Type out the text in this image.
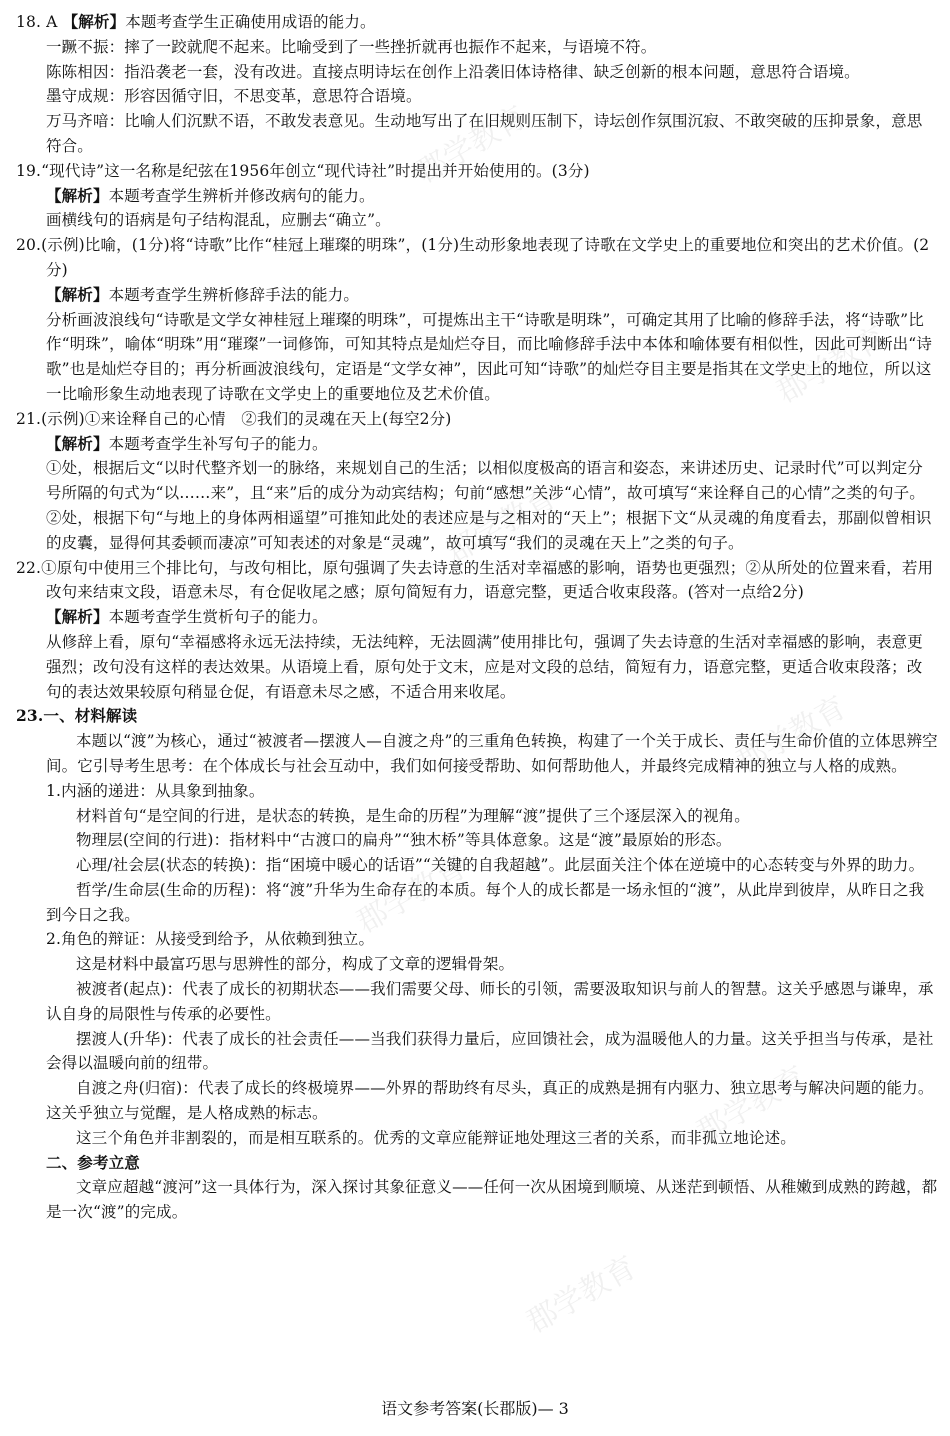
郡学教育
郡学教育
郡学教育
郡学教育
郡学教育
郡学教育
郡学教育
18. A 【解析】本题考查学生正确使用成语的能力。
一蹶不振：摔了一跤就爬不起来。比喻受到了一些挫折就再也振作不起来，与语境不符。
陈陈相因：指沿袭老一套，没有改进。直接点明诗坛在创作上沿袭旧体诗格律、缺乏创新的根本问题，意思符合语境。
墨守成规：形容因循守旧，不思变革，意思符合语境。
万马齐喑：比喻人们沉默不语，不敢发表意见。生动地写出了在旧规则压制下，诗坛创作氛围沉寂、不敢突破的压抑景象，意思符合。
19.“现代诗”这一名称是纪弦在1956年创立“现代诗社”时提出并开始使用的。(3分)
【解析】本题考查学生辨析并修改病句的能力。
画横线句的语病是句子结构混乱，应删去“确立”。
20.(示例)比喻，(1分)将“诗歌”比作“桂冠上璀璨的明珠”，(1分)生动形象地表现了诗歌在文学史上的重要地位和突出的艺术价值。(2分)
【解析】本题考查学生辨析修辞手法的能力。
分析画波浪线句“诗歌是文学女神桂冠上璀璨的明珠”，可提炼出主干“诗歌是明珠”，可确定其用了比喻的修辞手法，将“诗歌”比作“明珠”，喻体“明珠”用“璀璨”一词修饰，可知其特点是灿烂夺目，而比喻修辞手法中本体和喻体要有相似性，因此可判断出“诗歌”也是灿烂夺目的；再分析画波浪线句，定语是“文学女神”，因此可知“诗歌”的灿烂夺目主要是指其在文学史上的地位，所以这一比喻形象生动地表现了诗歌在文学史上的重要地位及艺术价值。
21.(示例)①来诠释自己的心情　②我们的灵魂在天上(每空2分)
【解析】本题考查学生补写句子的能力。
①处，根据后文“以时代整齐划一的脉络，来规划自己的生活；以相似度极高的语言和姿态，来讲述历史、记录时代”可以判定分号所隔的句式为“以……来”，且“来”后的成分为动宾结构；句前“感想”关涉“心情”，故可填写“来诠释自己的心情”之类的句子。
②处，根据下句“与地上的身体两相遥望”可推知此处的表述应是与之相对的“天上”；根据下文“从灵魂的角度看去，那副似曾相识的皮囊，显得何其委顿而凄凉”可知表述的对象是“灵魂”，故可填写“我们的灵魂在天上”之类的句子。
22.①原句中使用三个排比句，与改句相比，原句强调了失去诗意的生活对幸福感的影响，语势也更强烈；②从所处的位置来看，若用改句来结束文段，语意未尽，有仓促收尾之感；原句简短有力，语意完整，更适合收束段落。(答对一点给2分)
【解析】本题考查学生赏析句子的能力。
从修辞上看，原句“幸福感将永远无法持续，无法纯粹，无法圆满”使用排比句，强调了失去诗意的生活对幸福感的影响，表意更强烈；改句没有这样的表达效果。从语境上看，原句处于文末，应是对文段的总结，简短有力，语意完整，更适合收束段落；改句的表达效果较原句稍显仓促，有语意未尽之感，不适合用来收尾。
23.一、材料解读
本题以“渡”为核心，通过“被渡者—摆渡人—自渡之舟”的三重角色转换，构建了一个关于成长、责任与生命价值的立体思辨空间。它引导考生思考：在个体成长与社会互动中，我们如何接受帮助、如何帮助他人，并最终完成精神的独立与人格的成熟。
1.内涵的递进：从具象到抽象。
材料首句“是空间的行进，是状态的转换，是生命的历程”为理解“渡”提供了三个逐层深入的视角。
物理层(空间的行进)：指材料中“古渡口的扁舟”“独木桥”等具体意象。这是“渡”最原始的形态。
心理/社会层(状态的转换)：指“困境中暖心的话语”“关键的自我超越”。此层面关注个体在逆境中的心态转变与外界的助力。
哲学/生命层(生命的历程)：将“渡”升华为生命存在的本质。每个人的成长都是一场永恒的“渡”，从此岸到彼岸，从昨日之我到今日之我。
2.角色的辩证：从接受到给予，从依赖到独立。
这是材料中最富巧思与思辨性的部分，构成了文章的逻辑骨架。
被渡者(起点)：代表了成长的初期状态——我们需要父母、师长的引领，需要汲取知识与前人的智慧。这关乎感恩与谦卑，承认自身的局限性与传承的必要性。
摆渡人(升华)：代表了成长的社会责任——当我们获得力量后，应回馈社会，成为温暖他人的力量。这关乎担当与传承，是社会得以温暖向前的纽带。
自渡之舟(归宿)：代表了成长的终极境界——外界的帮助终有尽头，真正的成熟是拥有内驱力、独立思考与解决问题的能力。这关乎独立与觉醒，是人格成熟的标志。
这三个角色并非割裂的，而是相互联系的。优秀的文章应能辩证地处理这三者的关系，而非孤立地论述。
二、参考立意
文章应超越“渡河”这一具体行为，深入探讨其象征意义——任何一次从困境到顺境、从迷茫到顿悟、从稚嫩到成熟的跨越，都是一次“渡”的完成。
语文参考答案(长郡版)— 3
